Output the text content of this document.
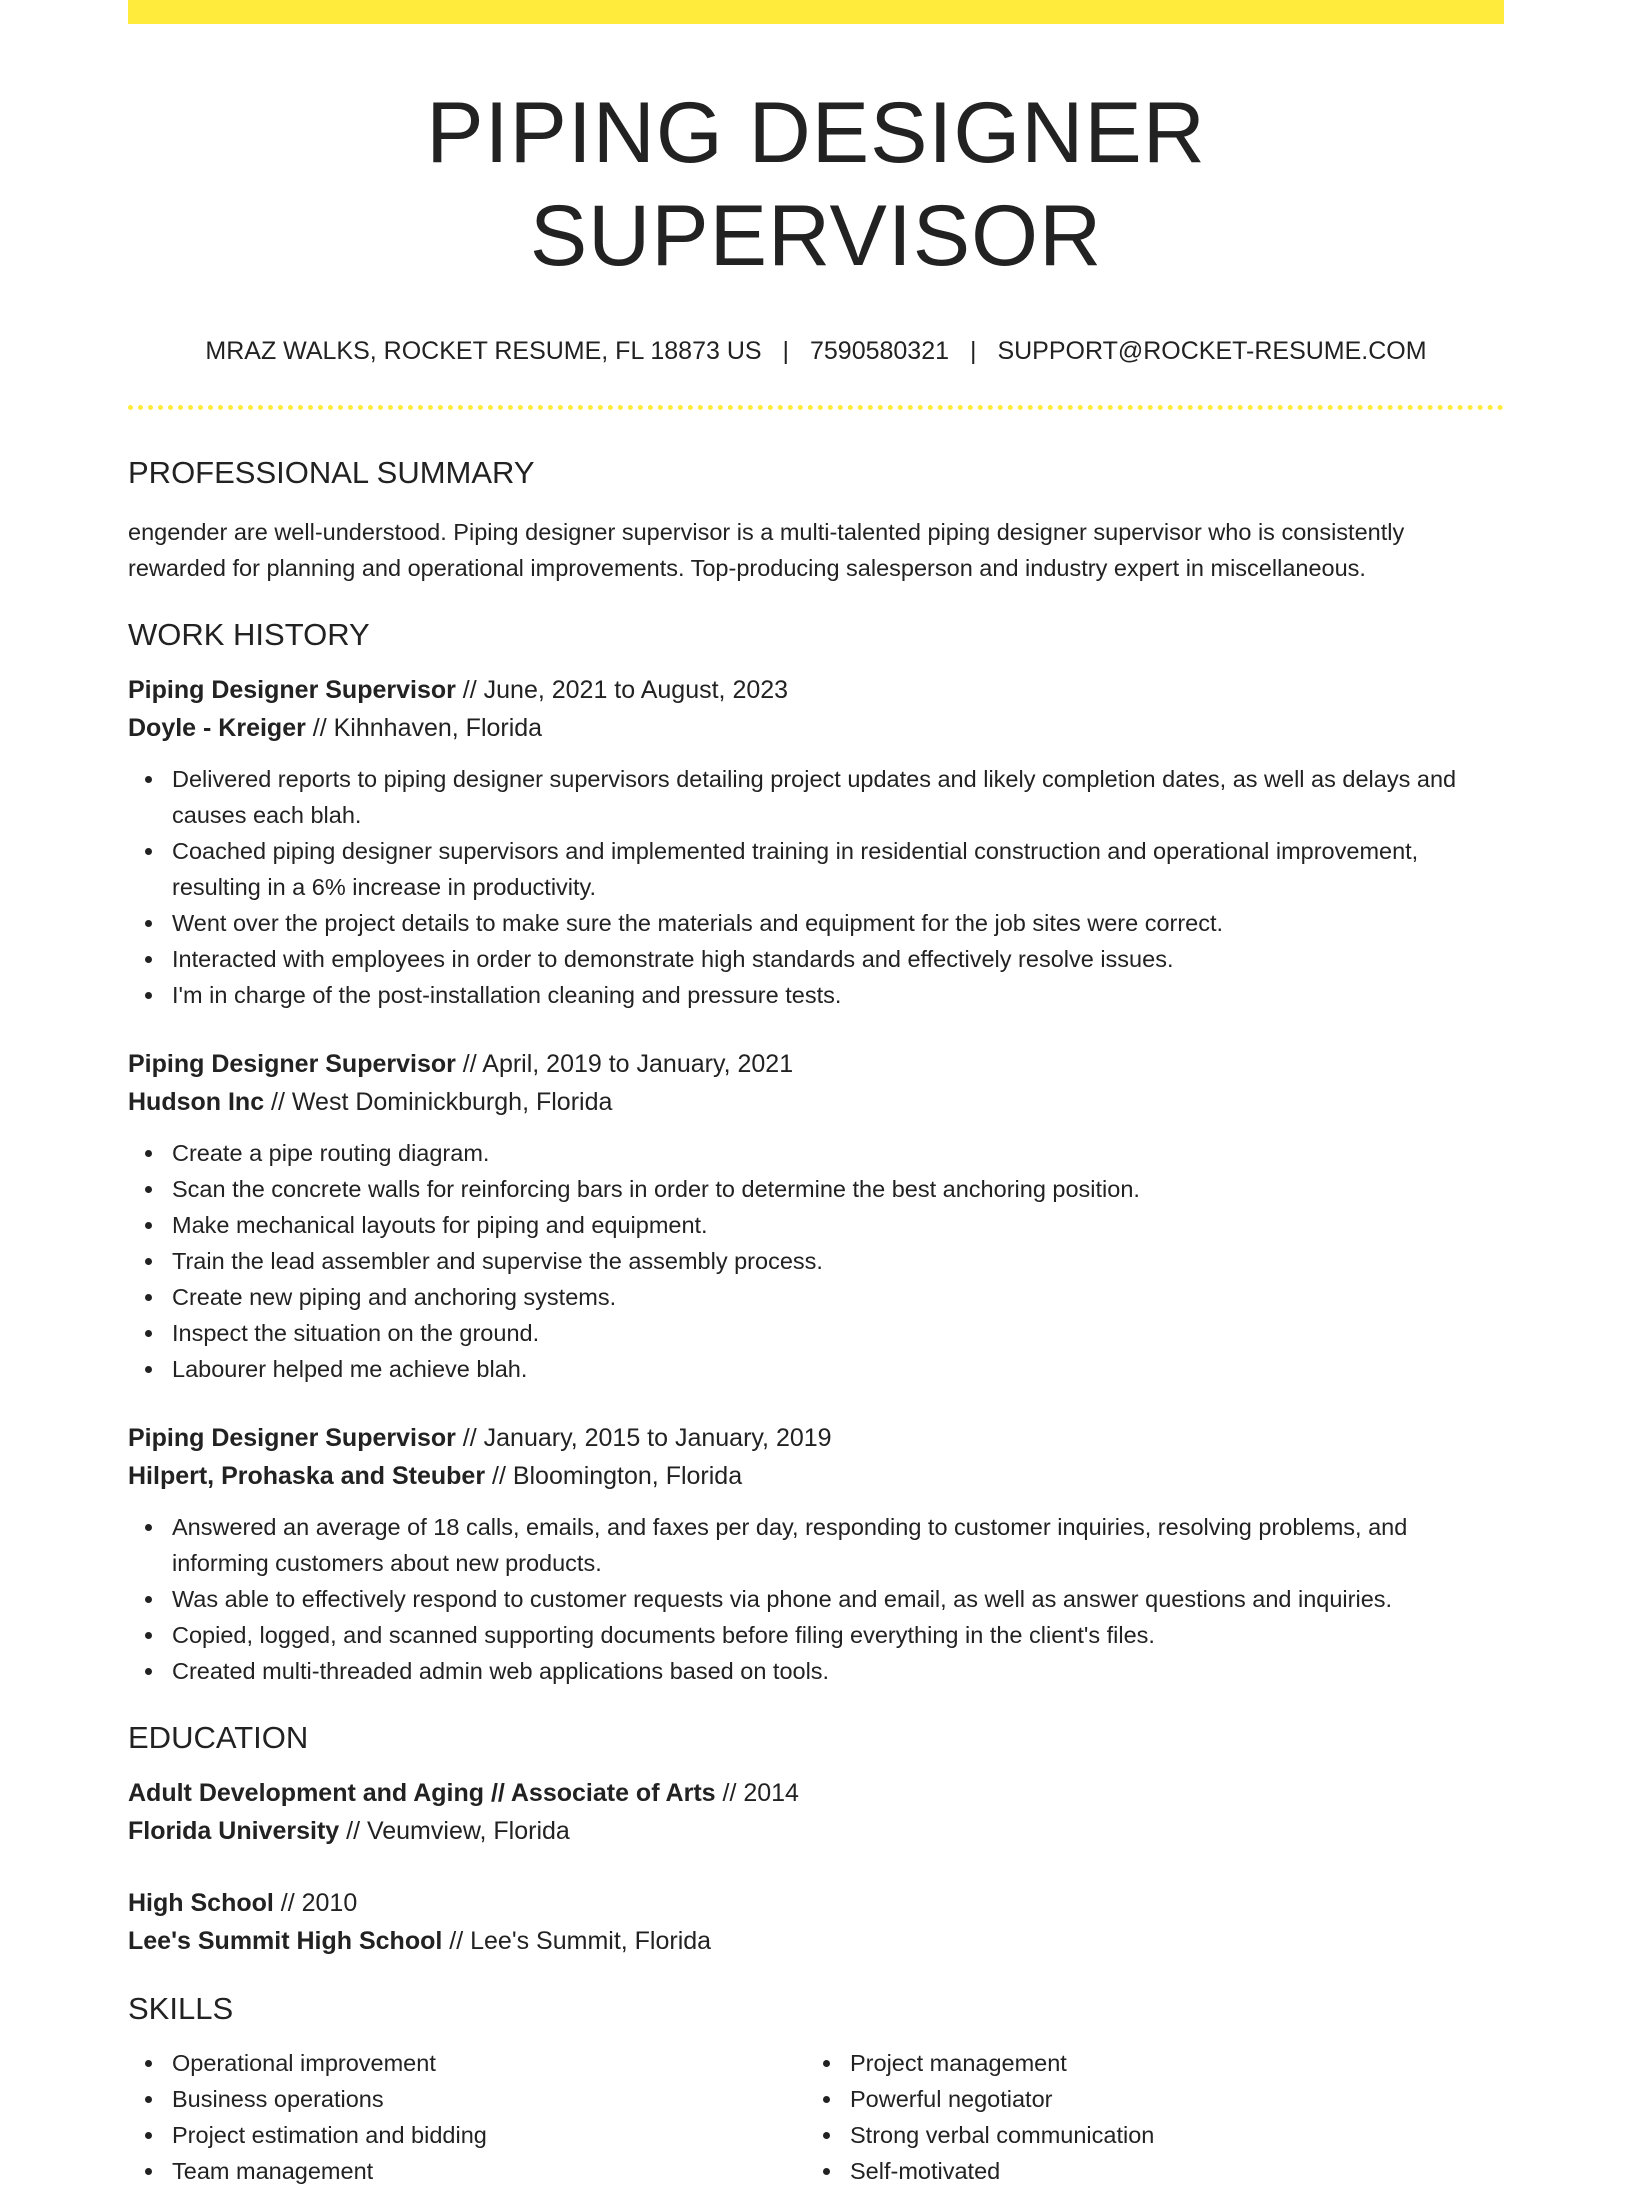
PIPING DESIGNER SUPERVISOR
MRAZ WALKS, ROCKET RESUME, FL 18873 US | 7590580321 | SUPPORT@ROCKET-RESUME.COM
PROFESSIONAL SUMMARY
engender are well-understood. Piping designer supervisor is a multi-talented piping designer supervisor who is consistently rewarded for planning and operational improvements. Top-producing salesperson and industry expert in miscellaneous.
WORK HISTORY
Piping Designer Supervisor // June, 2021 to August, 2023
Doyle - Kreiger // Kihnhaven, Florida
Delivered reports to piping designer supervisors detailing project updates and likely completion dates, as well as delays and causes each blah.
Coached piping designer supervisors and implemented training in residential construction and operational improvement, resulting in a 6% increase in productivity.
Went over the project details to make sure the materials and equipment for the job sites were correct.
Interacted with employees in order to demonstrate high standards and effectively resolve issues.
I'm in charge of the post-installation cleaning and pressure tests.
Piping Designer Supervisor // April, 2019 to January, 2021
Hudson Inc // West Dominickburgh, Florida
Create a pipe routing diagram.
Scan the concrete walls for reinforcing bars in order to determine the best anchoring position.
Make mechanical layouts for piping and equipment.
Train the lead assembler and supervise the assembly process.
Create new piping and anchoring systems.
Inspect the situation on the ground.
Labourer helped me achieve blah.
Piping Designer Supervisor // January, 2015 to January, 2019
Hilpert, Prohaska and Steuber // Bloomington, Florida
Answered an average of 18 calls, emails, and faxes per day, responding to customer inquiries, resolving problems, and informing customers about new products.
Was able to effectively respond to customer requests via phone and email, as well as answer questions and inquiries.
Copied, logged, and scanned supporting documents before filing everything in the client's files.
Created multi-threaded admin web applications based on tools.
EDUCATION
Adult Development and Aging // Associate of Arts // 2014
Florida University // Veumview, Florida
High School // 2010
Lee's Summit High School // Lee's Summit, Florida
SKILLS
Operational improvement
Business operations
Project estimation and bidding
Team management
Project management
Powerful negotiator
Strong verbal communication
Self-motivated
